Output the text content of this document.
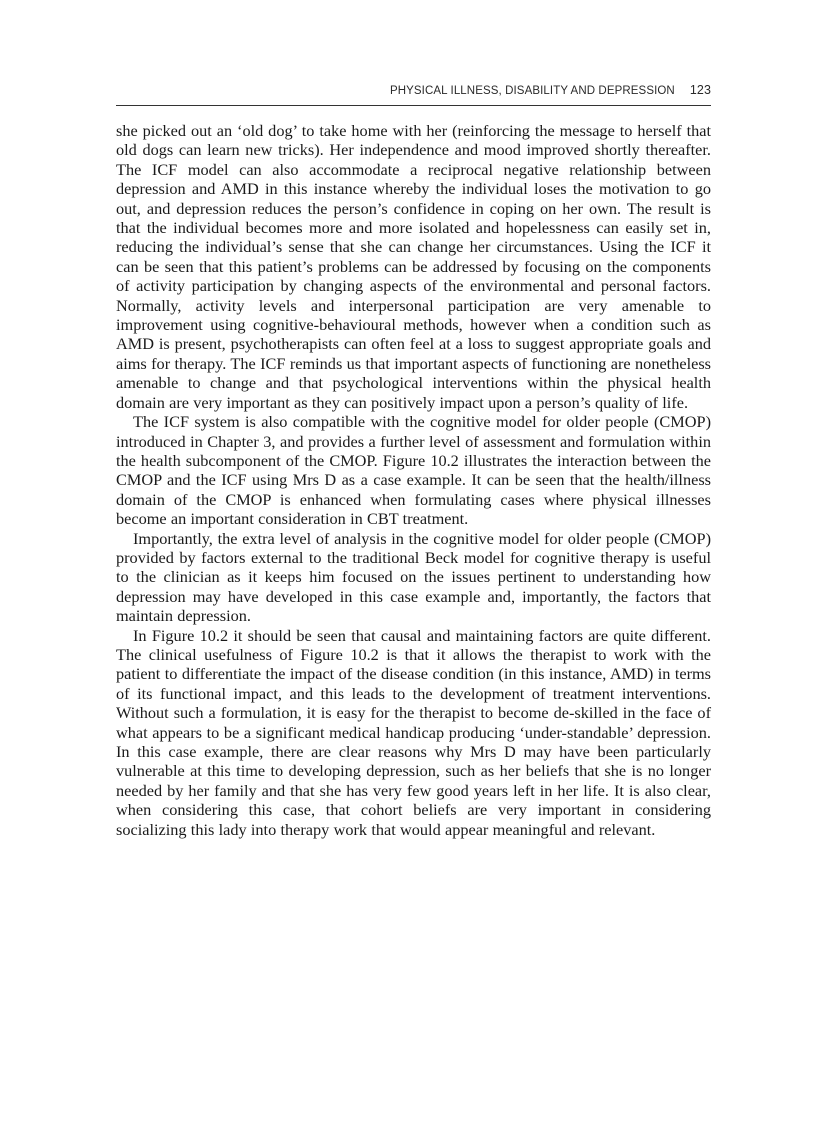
PHYSICAL ILLNESS, DISABILITY AND DEPRESSION 123

she picked out an ‘old dog’ to take home with her (reinforcing the message to herself that old dogs can learn new tricks). Her independence and mood improved shortly thereafter. The ICF model can also accommodate a reciprocal negative relationship between depression and AMD in this instance whereby the individual loses the motivation to go out, and depression reduces the person’s confidence in coping on her own. The result is that the individual becomes more and more isolated and hopelessness can easily set in, reducing the individual’s sense that she can change her circumstances. Using the ICF it can be seen that this patient’s problems can be addressed by focusing on the components of activity participation by changing aspects of the environmental and personal factors. Normally, activity levels and interpersonal participation are very amenable to improvement using cognitive-behavioural methods, however when a condition such as AMD is present, psychotherapists can often feel at a loss to suggest appropriate goals and aims for therapy. The ICF reminds us that important aspects of functioning are nonetheless amenable to change and that psychological interventions within the physical health domain are very important as they can positively impact upon a person’s quality of life.

The ICF system is also compatible with the cognitive model for older people (CMOP) introduced in Chapter 3, and provides a further level of assessment and formulation within the health subcomponent of the CMOP. Figure 10.2 illustrates the interaction between the CMOP and the ICF using Mrs D as a case example. It can be seen that the health/illness domain of the CMOP is enhanced when formulating cases where physical illnesses become an important consideration in CBT treatment.

Importantly, the extra level of analysis in the cognitive model for older people (CMOP) provided by factors external to the traditional Beck model for cognitive therapy is useful to the clinician as it keeps him focused on the issues pertinent to understanding how depression may have developed in this case example and, importantly, the factors that maintain depression.

In Figure 10.2 it should be seen that causal and maintaining factors are quite different. The clinical usefulness of Figure 10.2 is that it allows the therapist to work with the patient to differentiate the impact of the disease condition (in this instance, AMD) in terms of its functional impact, and this leads to the development of treatment interventions. Without such a formulation, it is easy for the therapist to become de-skilled in the face of what appears to be a significant medical handicap producing ‘under-standable’ depression. In this case example, there are clear reasons why Mrs D may have been particularly vulnerable at this time to developing depression, such as her beliefs that she is no longer needed by her family and that she has very few good years left in her life. It is also clear, when considering this case, that cohort beliefs are very important in considering socializing this lady into therapy work that would appear meaningful and relevant.
